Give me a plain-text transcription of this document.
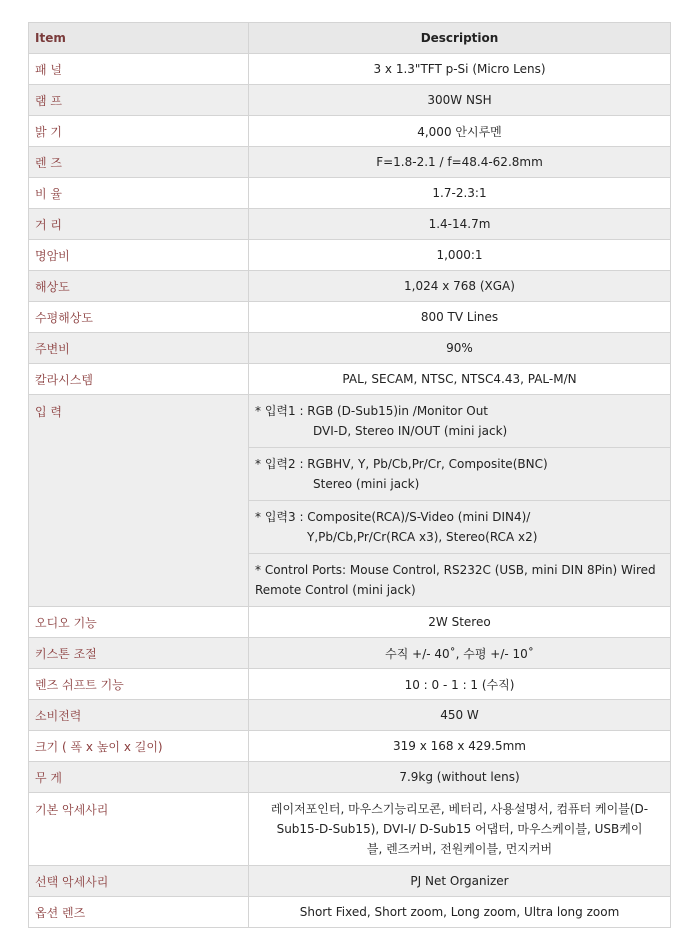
Item	Description
패 널	3 x 1.3"TFT p-Si (Micro Lens)
램 프	300W NSH
밝 기	4,000 안시루멘
렌 즈	F=1.8-2.1 / f=48.4-62.8mm
비 율	1.7-2.3:1
거 리	1.4-14.7m
명암비	1,000:1
해상도	1,024 x 768 (XGA)
수평해상도	800 TV Lines
주변비	90%
칼라시스템	PAL, SECAM, NTSC, NTSC4.43, PAL-M/N
입 력	* 입력1 : RGB (D-Sub15)in /Monitor Out
DVI-D, Stereo IN/OUT (mini jack)

	* 입력2 : RGBHV, Y, Pb/Cb,Pr/Cr, Composite(BNC)
Stereo (mini jack)

	* 입력3 : Composite(RCA)/S-Video (mini DIN4)/
Y,Pb/Cb,Pr/Cr(RCA x3), Stereo(RCA x2)

	* Control Ports: Mouse Control, RS232C (USB, mini DIN 8Pin) Wired Remote Control (mini jack)

오디오 기능	2W Stereo
키스톤 조절	수직 +/- 40˚, 수평 +/- 10˚
렌즈 쉬프트 기능	10 : 0 - 1 : 1 (수직)
소비전력	450 W
크기 ( 폭 x 높이 x 길이)	319 x 168 x 429.5mm
무 게	7.9kg (without lens)
기본 악세사리	레이저포인터, 마우스기능리모콘, 베터리, 사용설명서, 컴퓨터 케이블(D-Sub15-D-Sub15), DVI-I/ D-Sub15 어댑터, 마우스케이블, USB케이블, 렌즈커버, 전원케이블, 먼지커버
선택 악세사리	PJ Net Organizer
옵션 렌즈	Short Fixed, Short zoom, Long zoom, Ultra long zoom
